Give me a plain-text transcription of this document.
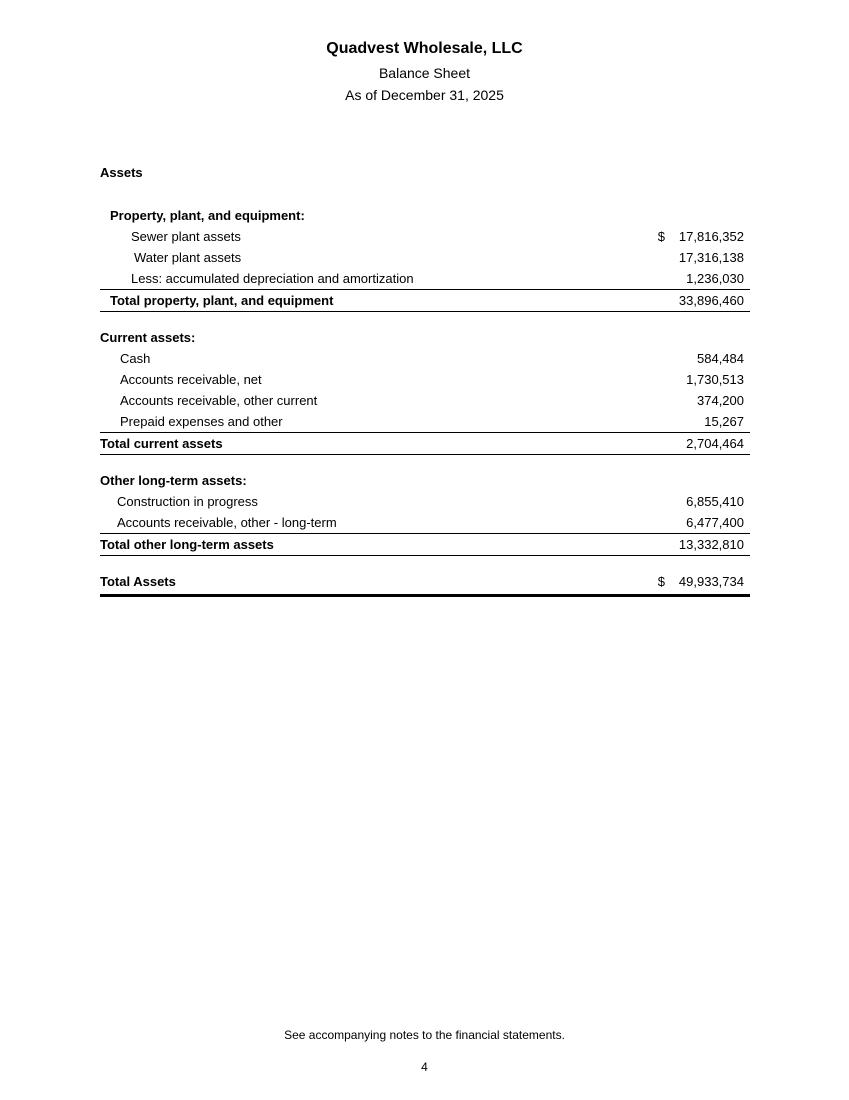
Quadvest Wholesale, LLC
Balance Sheet
As of December 31, 2025
Assets
Property, plant, and equipment:
Sewer plant assets	$ 17,816,352
Water plant assets	17,316,138
Less: accumulated depreciation and amortization	1,236,030
Total property, plant, and equipment	33,896,460
Current assets:
Cash	584,484
Accounts receivable, net	1,730,513
Accounts receivable, other current	374,200
Prepaid expenses and other	15,267
Total current assets	2,704,464
Other long-term assets:
Construction in progress	6,855,410
Accounts receivable, other - long-term	6,477,400
Total other long-term assets	13,332,810
Total Assets	$ 49,933,734
See accompanying notes to the financial statements.
4
